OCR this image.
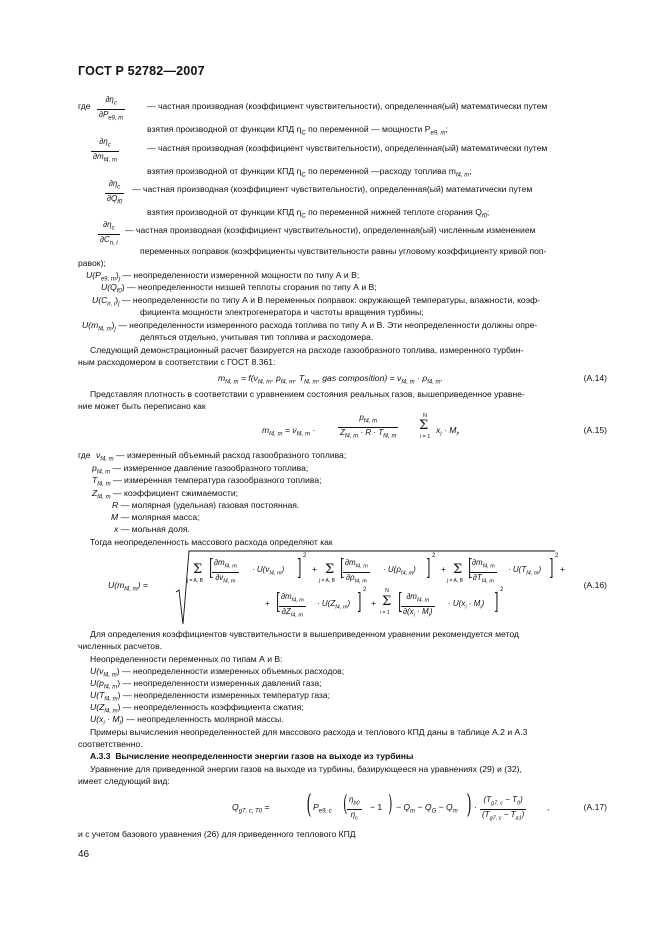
ГОСТ Р 52782—2007
где $\frac{\partial\eta_c}{\partial P_{e9, m}}$	— частная производная (коэффициент чувствительности), определенная(ый) математически путем
взятия производной от функции КПД $\eta_C$ по переменной — мощности $P_{e9, m}$;
$\frac{\partial\eta_c}{\partial m_{f4, m}}$	— частная производная (коэффициент чувствительности), определенная(ый) математически путем
взятия производной от функции КПД $\eta_C$ по переменной —расходу топлива $m_{f4, m}$;
$\frac{\partial\eta_c}{\partial Q_{f0}}$ — частная производная (коэффициент чувствительности), определенная(ый) математически путем
взятия производной от функции КПД $\eta_C$ по переменной нижней теплоте сгорания $Q_{f0}$;
$\frac{\partial\eta_c}{\partial C_{n, i}}$ — частная производная (коэффициент чувствительности), определенная(ый) численным изменением
переменных поправок (коэффициенты чувствительности равны угловому коэффициенту кривой поп-
равок);
$U(P_{e9, m})_j$ — неопределенности измеренной мощности по типу А и В;
$U(Q_{f0})$ — неопределенности низшей теплоты сгорания по типу А и В;
$U(C_{n, i})_j$ — неопределенности по типу А и В переменных поправок: окружающей температуры, влажности, коэф-
фициента мощности электрогенератора и частоты вращения турбины;
$U(m_{f4, m})_j$ — неопределенности измеренного расхода топлива по типу А и В. Эти неопределенности должны опре-
деляться отдельно, учитывая тип топлива и расходомера.
Следующий демонстрационный расчет базируется на расходе газообразного топлива, измеренного турбин-
ным расходомером в соответствии с ГОСТ 8.361:
$m_{f4, m} = f(\nu_{f4, m}$, $p_{f4, m}$, $T_{f4, m}$, gas composition) = $\nu_{f4, m} \cdot \rho_{f4, m}$.	(А.14)
Представляя плотность в соответствии с уравнением состояния реальных газов, вышеприведенное уравне-
ние может быть переписано как
$m_{f4, m} = \nu_{f4, m}$ ·	$\frac{p_{f4, m}}{Z_{f4, m} \cdot R \cdot T_{f4, m}}$	N
Σ
i = 1
$x_i \cdot M_i$,	(А.15)
где $\nu_{f4, m}$ — измеренный объемный расход газообразного топлива;
$p_{f4, m}$ — измеренное давление газообразного топлива;
$T_{f4, m}$ — измеренная температура газообразного топлива;
$Z_{f4, m}$ — коэффициент сжимаемости;
R — молярная (удельная) газовая постоянная.
M — молярная масса;
x — мольная доля.
Тогда неопределенность массового расхода определяют как
$U(m_{f4, m})$ =
Σ
j = A, B [
$\frac{\partial m_{f4, m}}{\partial\nu_{f4, m}} \cdot U(\nu_{f4, m})$ ] 2
+ Σ
j = A, B [
$\frac{\partial m_{f4, m}}{\partial\rho_{f4, m}} \cdot U(\rho_{f4, m})$ ] 2
+ Σ
j = A, B [
$\frac{\partial m_{f4, m}}{\partial T_{f4, m}} \cdot U(T_{f4, m})$ ] 2
+
+ [
$\frac{\partial m_{f4, m}}{\partial Z_{f4, m}} \cdot U(Z_{f4, m})$ ] 2
+
N
Σ
i = 1 [
$\frac{\partial m_{f4, m}}{\partial(x_i \cdot M_i)} \cdot U(x_i \cdot M_i)$ ] 2	(А.16)
Для определения коэффициентов чувствительности в вышеприведенном уравнении рекомендуется метод
численных расчетов.
Неопределенности переменных по типам А и В:
$U(\nu_{f4, m})$ — неопределенности измеренных объемных расходов;
$U(p_{f4, m})$ — неопределенности измеренных давлений газа;
$U(T_{f4, m})$ — неопределенности измеренных температур газа;
$U(Z_{f4, m})$ — неопределенность коэффициента сжатия;
$U(x_i \cdot M_i)$ — неопределенность молярной массы.
Примеры вычисления неопределенностей для массового расхода и теплового КПД даны в таблице А.2 и А.3
соответственно.
А.3.3 Вычисление неопределенности энергии газов на выходе из турбины
Уравнение для приведенной энергии газов на выходе из турбины, базирующееся на уравнениях (29) и (32),
имеет следующий вид:
$Q_{g7, c, T0}$ = ( $P_{e9, c}$ ( $\frac{\eta_{b0}}{\eta_c} - 1$ ) − $Q_m - Q_G - Q_m$ ) · $\frac{(T_{g7, c} - T_0)}{(T_{g7, c} - T_{a1})}$ ,	(А.17)
и с учетом базового уравнения (26) для приведенного теплового КПД
46
